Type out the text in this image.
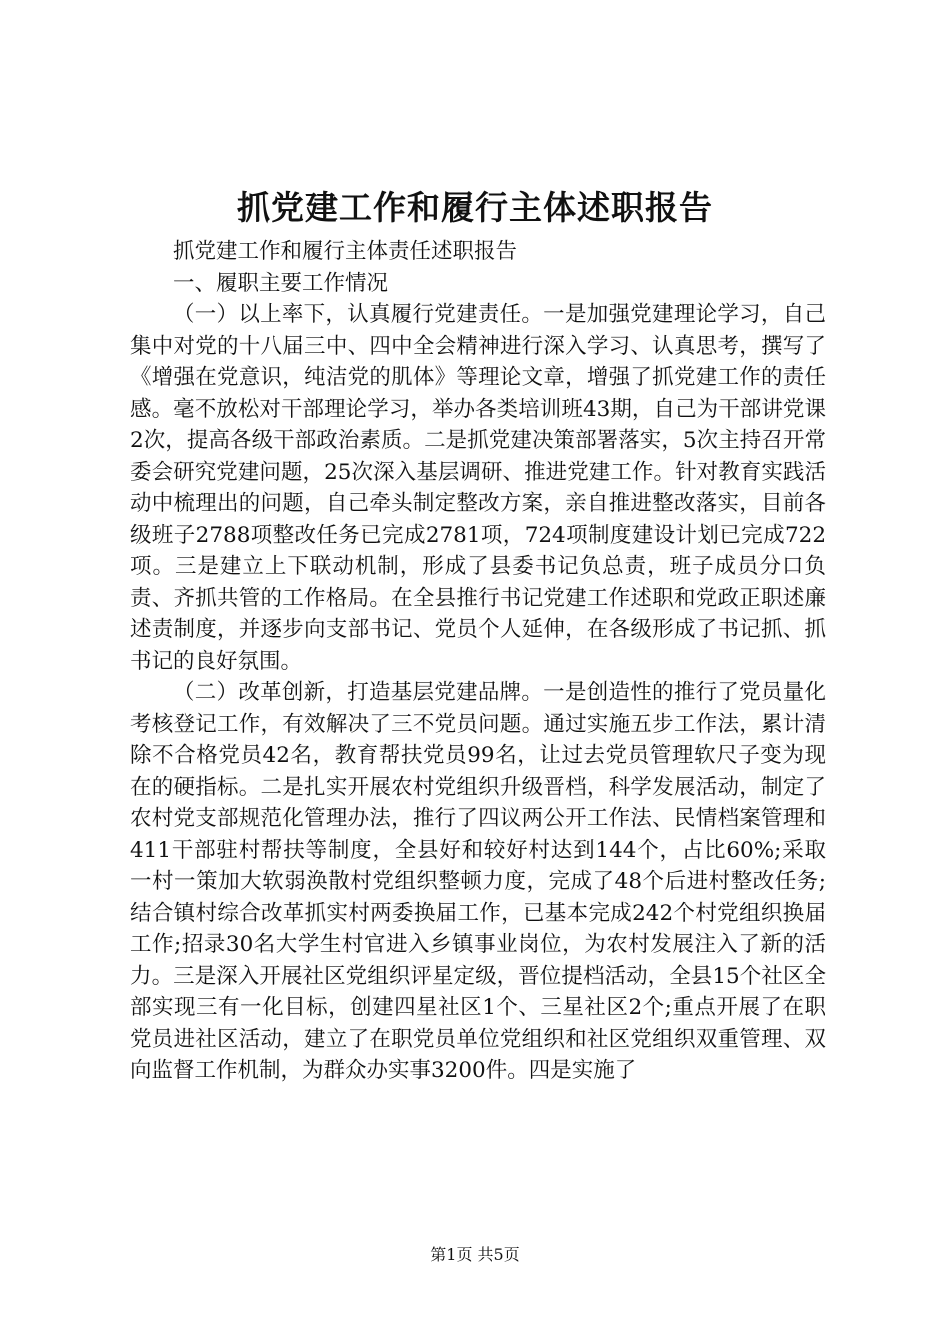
抓党建工作和履行主体述职报告

抓党建工作和履行主体责任述职报告

一、履职主要工作情况

（一）以上率下，认真履行党建责任。一是加强党建理论学习，自己集中对党的十八届三中、四中全会精神进行深入学习、认真思考，撰写了《增强在党意识，纯洁党的肌体》等理论文章，增强了抓党建工作的责任感。毫不放松对干部理论学习，举办各类培训班43期，自己为干部讲党课2次，提高各级干部政治素质。二是抓党建决策部署落实，5次主持召开常委会研究党建问题，25次深入基层调研、推进党建工作。针对教育实践活动中梳理出的问题，自己牵头制定整改方案，亲自推进整改落实，目前各级班子2788项整改任务已完成2781项，724项制度建设计划已完成722项。三是建立上下联动机制，形成了县委书记负总责，班子成员分口负责、齐抓共管的工作格局。在全县推行书记党建工作述职和党政正职述廉述责制度，并逐步向支部书记、党员个人延伸，在各级形成了书记抓、抓书记的良好氛围。

（二）改革创新，打造基层党建品牌。一是创造性的推行了党员量化考核登记工作，有效解决了三不党员问题。通过实施五步工作法，累计清除不合格党员42名，教育帮扶党员99名，让过去党员管理软尺子变为现在的硬指标。二是扎实开展农村党组织升级晋档，科学发展活动，制定了农村党支部规范化管理办法，推行了四议两公开工作法、民情档案管理和411干部驻村帮扶等制度，全县好和较好村达到144个，占比60%;采取一村一策加大软弱涣散村党组织整顿力度，完成了48个后进村整改任务;结合镇村综合改革抓实村两委换届工作，已基本完成242个村党组织换届工作;招录30名大学生村官进入乡镇事业岗位，为农村发展注入了新的活力。三是深入开展社区党组织评星定级，晋位提档活动，全县15个社区全部实现三有一化目标，创建四星社区1个、三星社区2个;重点开展了在职党员进社区活动，建立了在职党员单位党组织和社区党组织双重管理、双向监督工作机制，为群众办实事3200件。四是实施了

第1页 共5页
